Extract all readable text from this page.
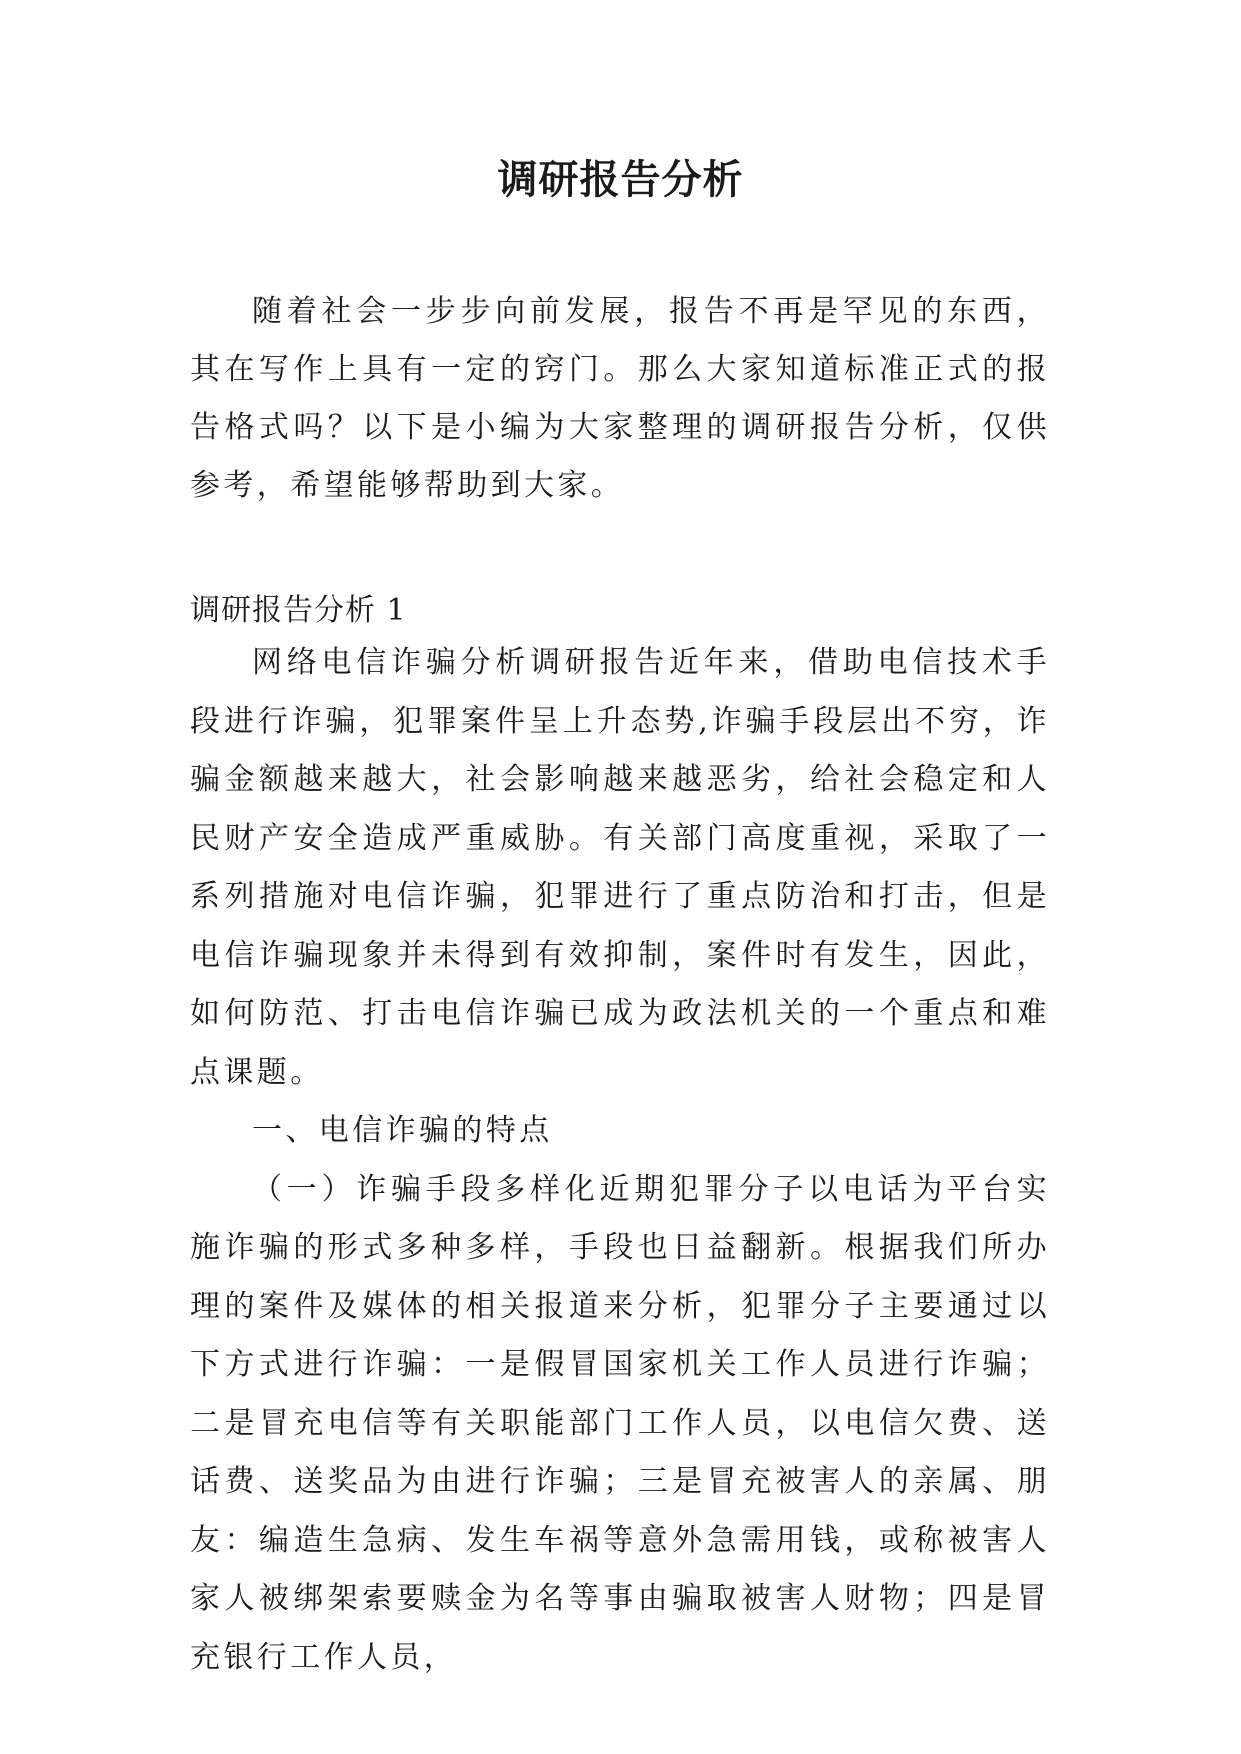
调研报告分析

随着社会一步步向前发展，报告不再是罕见的东西，其在写作上具有一定的窍门。那么大家知道标准正式的报告格式吗？以下是小编为大家整理的调研报告分析，仅供参考，希望能够帮助到大家。

调研报告分析 1

网络电信诈骗分析调研报告近年来，借助电信技术手段进行诈骗，犯罪案件呈上升态势,诈骗手段层出不穷，诈骗金额越来越大，社会影响越来越恶劣，给社会稳定和人民财产安全造成严重威胁。有关部门高度重视，采取了一系列措施对电信诈骗，犯罪进行了重点防治和打击，但是电信诈骗现象并未得到有效抑制，案件时有发生，因此，如何防范、打击电信诈骗已成为政法机关的一个重点和难点课题。

一、电信诈骗的特点

（一）诈骗手段多样化近期犯罪分子以电话为平台实施诈骗的形式多种多样，手段也日益翻新。根据我们所办理的案件及媒体的相关报道来分析，犯罪分子主要通过以下方式进行诈骗：一是假冒国家机关工作人员进行诈骗；二是冒充电信等有关职能部门工作人员，以电信欠费、送话费、送奖品为由进行诈骗；三是冒充被害人的亲属、朋友：编造生急病、发生车祸等意外急需用钱，或称被害人家人被绑架索要赎金为名等事由骗取被害人财物；四是冒充银行工作人员，
